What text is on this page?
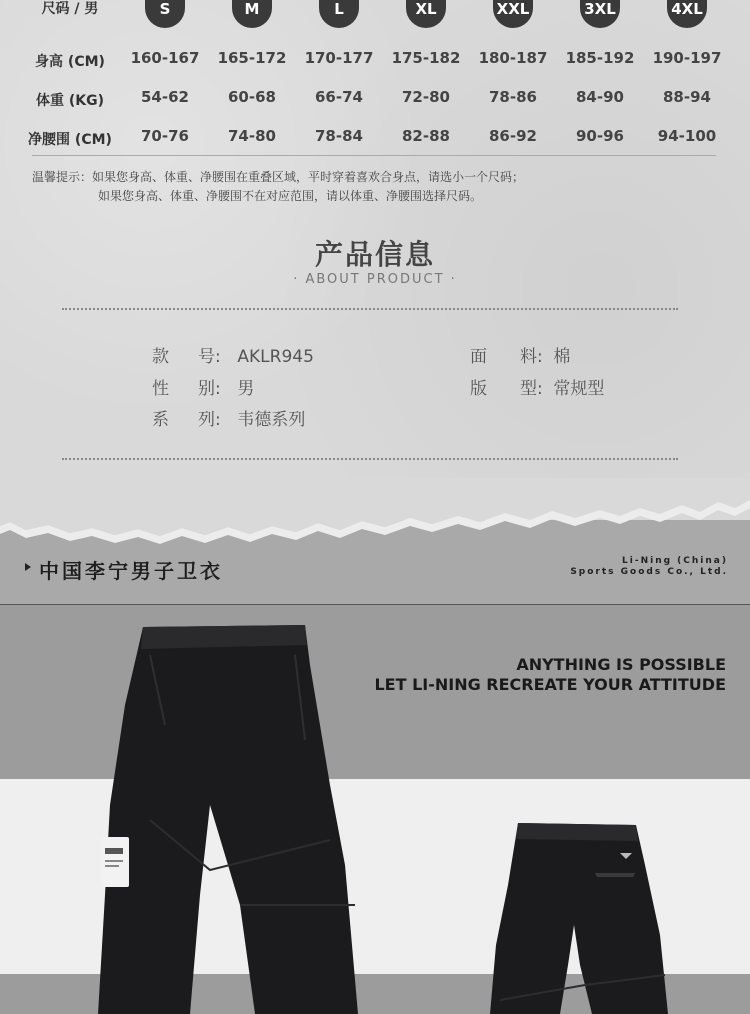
尺码 / 男	S	M	L	XL	XXL	3XL	4XL
身高 (CM)	160-167	165-172	170-177	175-182	180-187	185-192	190-197
体重 (KG)	54-62	60-68	66-74	72-80	78-86	84-90	88-94
净腰围 (CM)	70-76	74-80	78-84	82-88	86-92	90-96	94-100
温馨提示：如果您身高、体重、净腰围在重叠区域，平时穿着喜欢合身点，请选小一个尺码；
如果您身高、体重、净腰围不在对应范围，请以体重、净腰围选择尺码。
产品信息
· ABOUT PRODUCT ·
款 号: AKLR945	面 料: 棉
性 别: 男	版 型: 常规型
系 列: 韦德系列
中国李宁男子卫衣	Li-Ning (China)
Sports Goods Co., Ltd.
ANYTHING IS POSSIBLE
LET LI-NING RECREATE YOUR ATTITUDE
